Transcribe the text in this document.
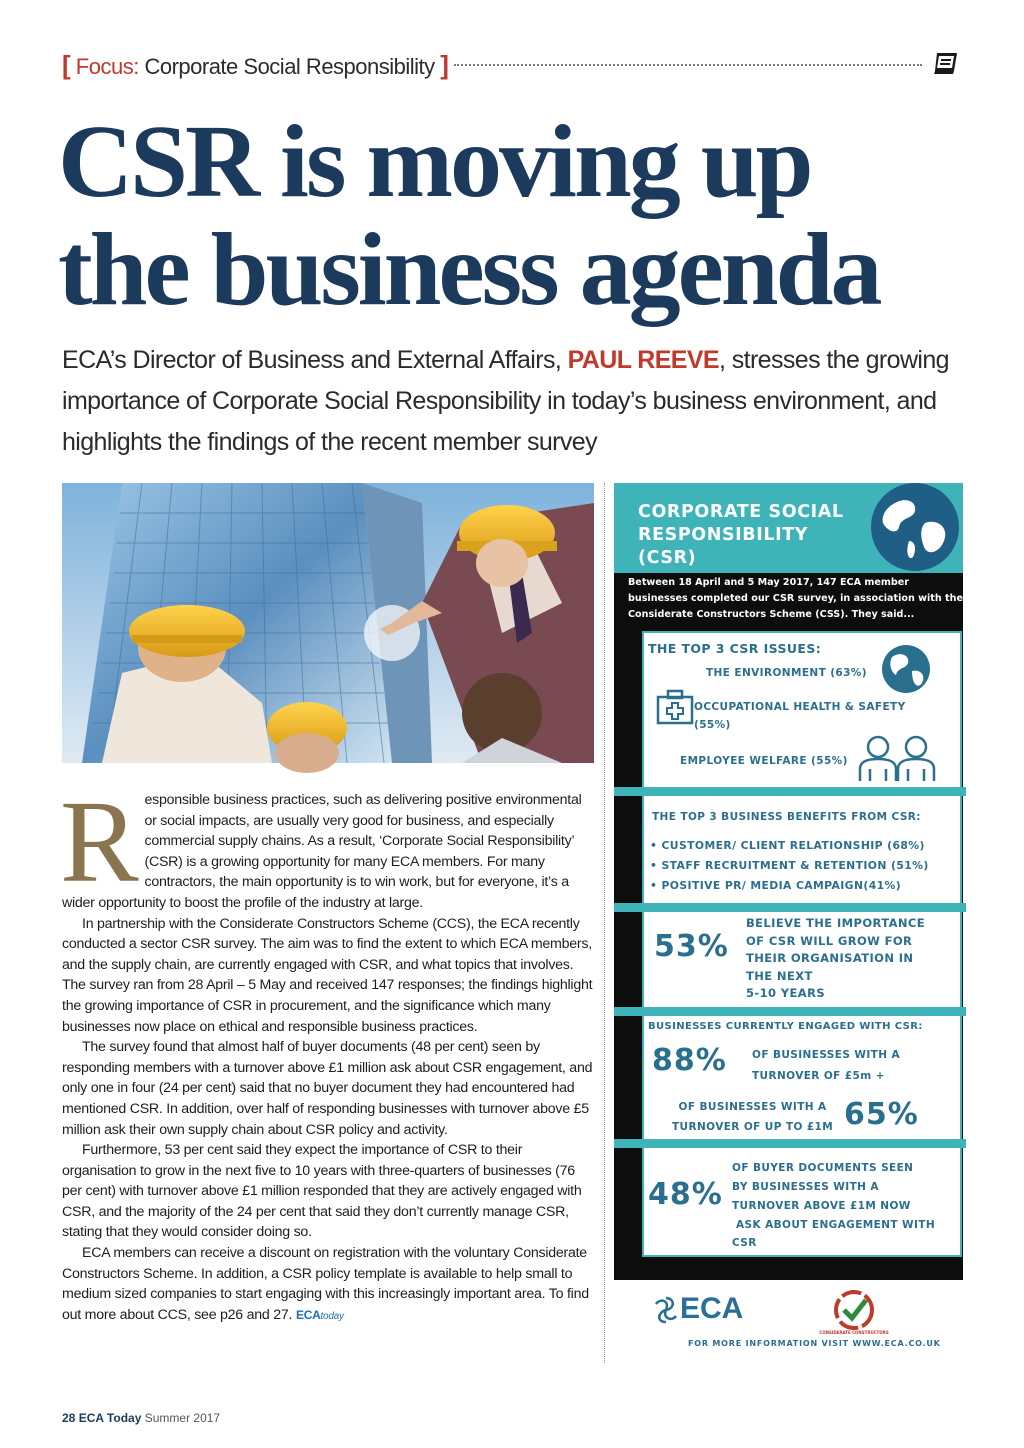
[ Focus: Corporate Social Responsibility ]
CSR is moving up
the business agenda
ECA’s Director of Business and External Affairs, PAUL REEVE, stresses the growing importance of Corporate Social Responsibility in today’s business environment, and highlights the findings of the recent member survey

Responsible business practices, such as delivering positive environmental or social impacts, are usually very good for business, and especially commercial supply chains. As a result, ‘Corporate Social Responsibility’ (CSR) is a growing opportunity for many ECA members. For many contractors, the main opportunity is to win work, but for everyone, it’s a wider opportunity to boost the profile of the industry at large.

In partnership with the Considerate Constructors Scheme (CCS), the ECA recently conducted a sector CSR survey. The aim was to find the extent to which ECA members, and the supply chain, are currently engaged with CSR, and what topics that involves. The survey ran from 28 April – 5 May and received 147 responses; the findings highlight the growing importance of CSR in procurement, and the significance which many businesses now place on ethical and responsible business practices.

The survey found that almost half of buyer documents (48 per cent) seen by responding members with a turnover above £1 million ask about CSR engagement, and only one in four (24 per cent) said that no buyer document they had encountered had mentioned CSR. In addition, over half of responding businesses with turnover above £5 million ask their own supply chain about CSR policy and activity.

Furthermore, 53 per cent said they expect the importance of CSR to their organisation to grow in the next five to 10 years with three-quarters of businesses (76 per cent) with turnover above £1 million responded that they are actively engaged with CSR, and the majority of the 24 per cent that said they don’t currently manage CSR, stating that they would consider doing so.

ECA members can receive a discount on registration with the voluntary Considerate Constructors Scheme. In addition, a CSR policy template is available to help small to medium sized companies to start engaging with this increasingly important area. To find out more about CCS, see p26 and 27. ECAtoday

CORPORATE SOCIAL
RESPONSIBILITY
(CSR)
Between 18 April and 5 May 2017, 147 ECA member businesses completed our CSR survey, in association with the Considerate Constructors Scheme (CSS). They said...
THE TOP 3 CSR ISSUES:
THE ENVIRONMENT (63%)
OCCUPATIONAL HEALTH & SAFETY
(55%)
EMPLOYEE WELFARE (55%)
THE TOP 3 BUSINESS BENEFITS FROM CSR:
• CUSTOMER/ CLIENT RELATIONSHIP (68%)
• STAFF RECRUITMENT & RETENTION (51%)
• POSITIVE PR/ MEDIA CAMPAIGN(41%)
53%
BELIEVE THE IMPORTANCE
OF CSR WILL GROW FOR
THEIR ORGANISATION IN
THE NEXT
5-10 YEARS
BUSINESSES CURRENTLY ENGAGED WITH CSR:
88% OF BUSINESSES WITH A
TURNOVER OF £5m +
OF BUSINESSES WITH A
TURNOVER OF UP TO £1M 65%
48%
OF BUYER DOCUMENTS SEEN
BY BUSINESSES WITH A
TURNOVER ABOVE £1M NOW
ASK ABOUT ENGAGEMENT WITH
CSR
ECA
CONSIDERATE CONSTRUCTORS
FOR MORE INFORMATION VISIT WWW.ECA.CO.UK
28 ECA Today Summer 2017
